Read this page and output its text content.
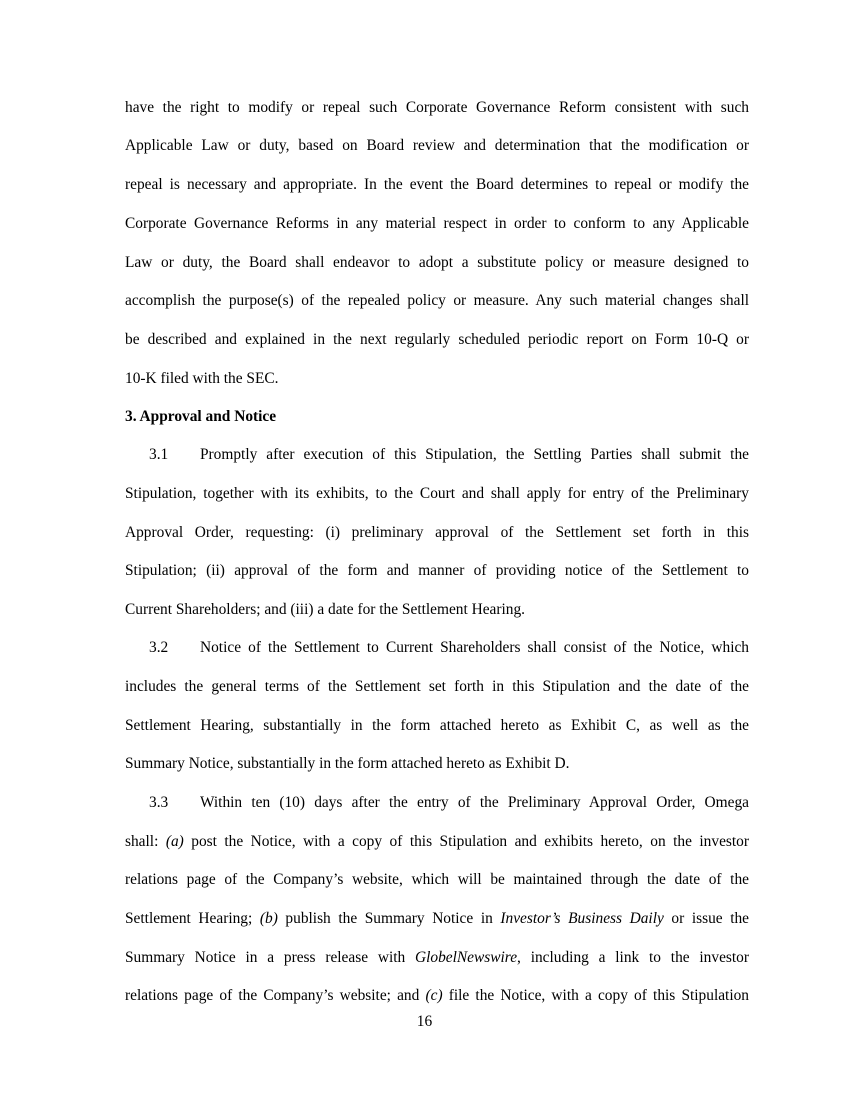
have the right to modify or repeal such Corporate Governance Reform consistent with such
Applicable Law or duty, based on Board review and determination that the modification or
repeal is necessary and appropriate. In the event the Board determines to repeal or modify the
Corporate Governance Reforms in any material respect in order to conform to any Applicable
Law or duty, the Board shall endeavor to adopt a substitute policy or measure designed to
accomplish the purpose(s) of the repealed policy or measure. Any such material changes shall
be described and explained in the next regularly scheduled periodic report on Form 10-Q or
10-K filed with the SEC.
3. Approval and Notice
3.1 Promptly after execution of this Stipulation, the Settling Parties shall submit the
Stipulation, together with its exhibits, to the Court and shall apply for entry of the Preliminary
Approval Order, requesting: (i) preliminary approval of the Settlement set forth in this
Stipulation; (ii) approval of the form and manner of providing notice of the Settlement to
Current Shareholders; and (iii) a date for the Settlement Hearing.
3.2 Notice of the Settlement to Current Shareholders shall consist of the Notice, which
includes the general terms of the Settlement set forth in this Stipulation and the date of the
Settlement Hearing, substantially in the form attached hereto as Exhibit C, as well as the
Summary Notice, substantially in the form attached hereto as Exhibit D.
3.3 Within ten (10) days after the entry of the Preliminary Approval Order, Omega
shall: (a) post the Notice, with a copy of this Stipulation and exhibits hereto, on the investor
relations page of the Company’s website, which will be maintained through the date of the
Settlement Hearing; (b) publish the Summary Notice in Investor’s Business Daily or issue the
Summary Notice in a press release with GlobelNewswire, including a link to the investor
relations page of the Company’s website; and (c) file the Notice, with a copy of this Stipulation
16
